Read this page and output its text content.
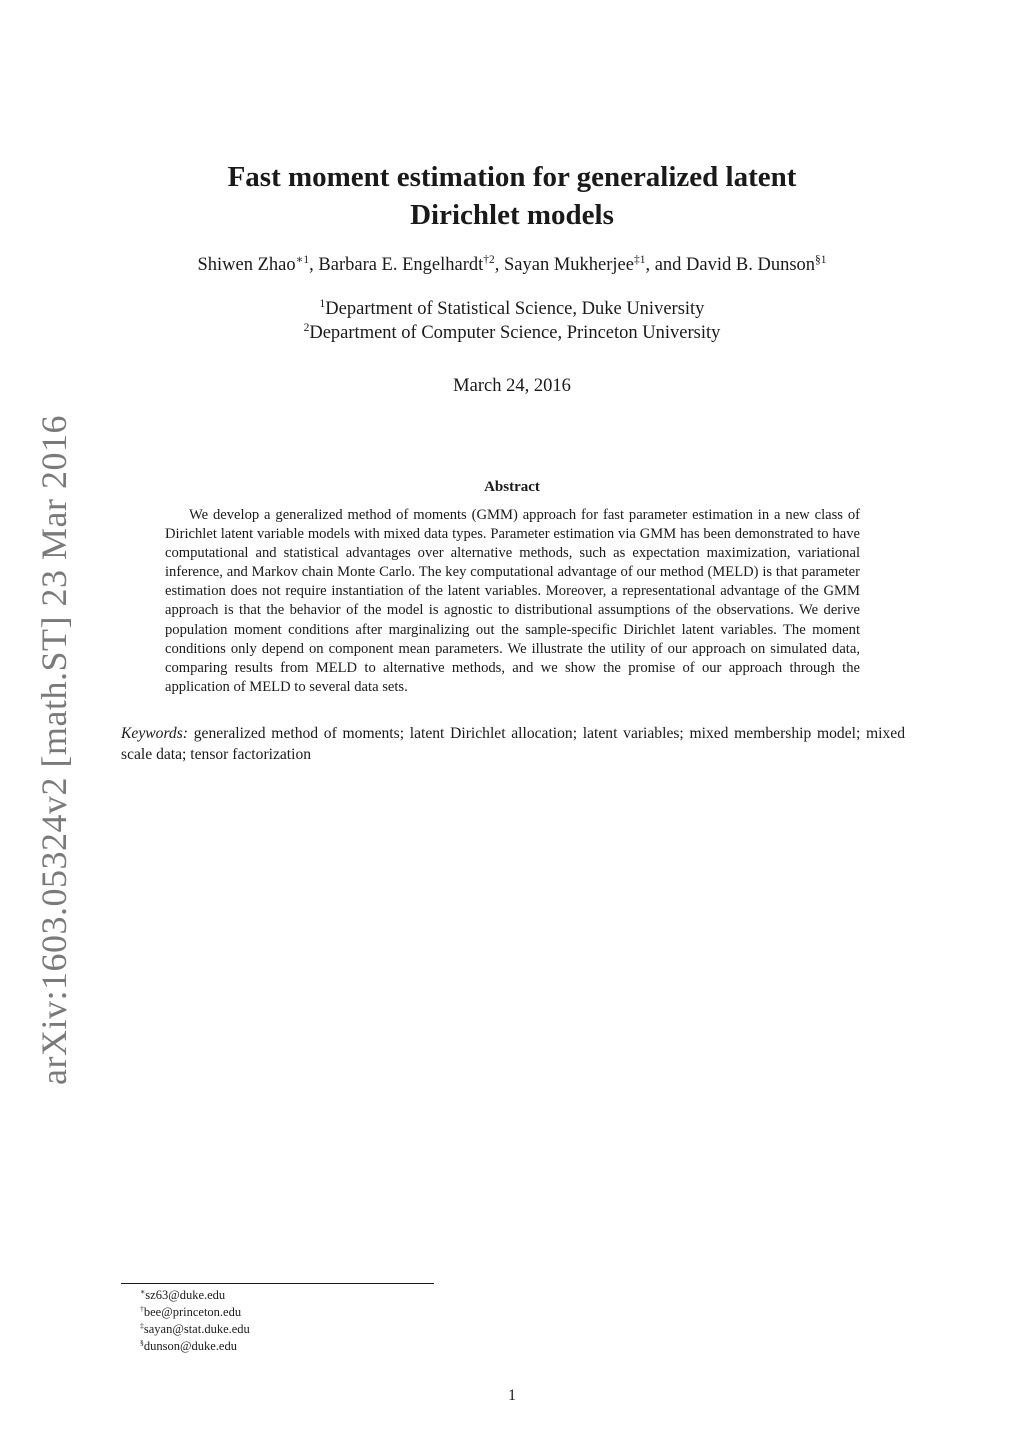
arXiv:1603.05324v2 [math.ST] 23 Mar 2016
Fast moment estimation for generalized latent
Dirichlet models
Shiwen Zhao$^{∗1}$, Barbara E. Engelhardt$^{\dagger 2}$, Sayan Mukherjee$^{\ddagger 1}$, and David B. Dunson$^{\S 1}$
$^1$Department of Statistical Science, Duke University
$^2$Department of Computer Science, Princeton University
March 24, 2016
Abstract
We develop a generalized method of moments (GMM) approach for fast parameter estimation in a new class of Dirichlet latent variable models with mixed data types. Parameter estimation via GMM has been demonstrated to have computational and statistical advantages over alternative methods, such as expectation maximization, variational inference, and Markov chain Monte Carlo. The key computational advantage of our method (MELD) is that parameter estimation does not require instantiation of the latent variables. Moreover, a representational advantage of the GMM approach is that the behavior of the model is agnostic to distributional assumptions of the observations. We derive population moment conditions after marginalizing out the sample-specific Dirichlet latent variables. The moment conditions only depend on component mean parameters. We illustrate the utility of our approach on simulated data, comparing results from MELD to alternative methods, and we show the promise of our approach through the application of MELD to several data sets.
Keywords: generalized method of moments; latent Dirichlet allocation; latent variables; mixed membership model; mixed scale data; tensor factorization
∗sz63@duke.edu
†bee@princeton.edu
‡sayan@stat.duke.edu
§dunson@duke.edu
1
